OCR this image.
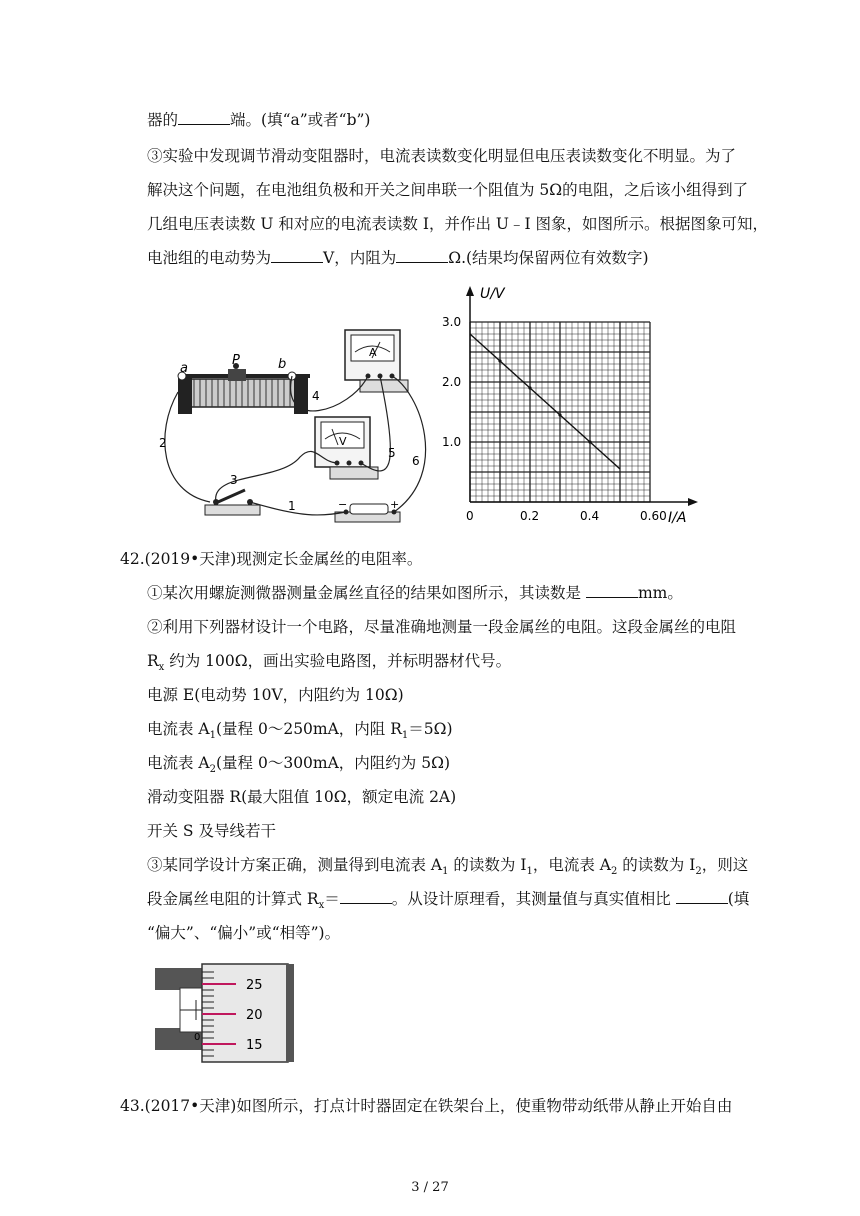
器的	端。(填“a”或者“b”)
③实验中发现调节滑动变阻器时，电流表读数变化明显但电压表读数变化不明显。为了
解决这个问题，在电池组负极和开关之间串联一个阻值为 5Ω的电阻，之后该小组得到了
几组电压表读数 U 和对应的电流表读数 I，并作出 U﹣I 图象，如图所示。根据图象可知，
电池组的电动势为	V，内阻为	Ω.(结果均保留两位有效数字)
a
P	b
A
V
−	+
1
2
3
4
5
6
0	0.2	0.4	0.60
1.0
2.0
3.0
U/V
I/A
42.(2019•天津)现测定长金属丝的电阻率。
①某次用螺旋测微器测量金属丝直径的结果如图所示，其读数是	mm。
②利用下列器材设计一个电路，尽量准确地测量一段金属丝的电阻。这段金属丝的电阻
$R_x$ 约为 100Ω，画出实验电路图，并标明器材代号。
电源 E(电动势 10V，内阻约为 10Ω)
电流表 $A_1$(量程 0～250mA，内阻 $R_1=5\Omega$)
电流表 $A_2$(量程 0～300mA，内阻约为 5Ω)
滑动变阻器 R(最大阻值 10Ω，额定电流 2A)
开关 S 及导线若干
③某同学设计方案正确，测量得到电流表 $A_1$ 的读数为 $I_1$，电流表 $A_2$ 的读数为 $I_2$，则这
段金属丝电阻的计算式 $R_x=$	。从设计原理看，其测量值与真实值相比	(填
“偏大”、“偏小”或“相等”)。
25
20
15
0
43.(2017•天津)如图所示，打点计时器固定在铁架台上，使重物带动纸带从静止开始自由
3 / 27
